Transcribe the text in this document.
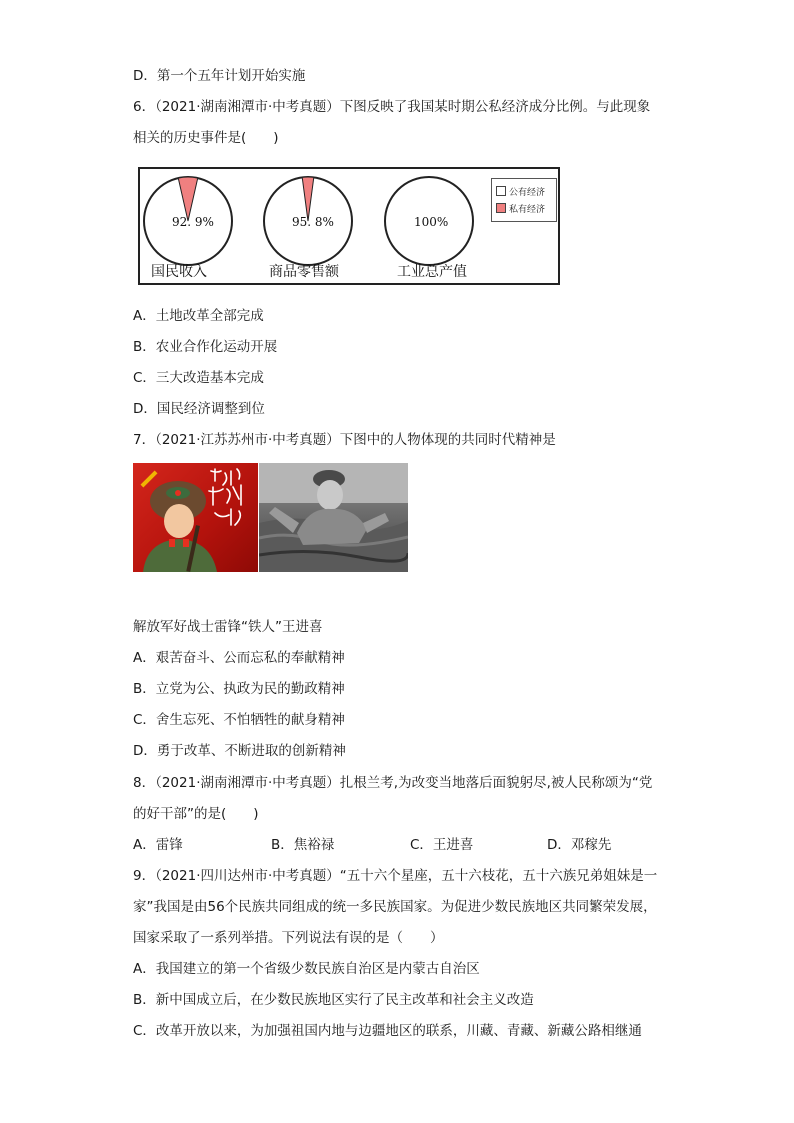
D．第一个五年计划开始实施
6．（2021·湖南湘潭市·中考真题）下图反映了我国某时期公私经济成分比例。与此现象
相关的历史事件是(　　)
公有经济
私有经济
92. 9%	95. 8%	100%
国民收入	商品零售额	工业总产值
A．土地改革全部完成
B．农业合作化运动开展
C．三大改造基本完成
D．国民经济调整到位
7．（2021·江苏苏州市·中考真题）下图中的人物体现的共同时代精神是
解放军好战士雷锋“铁人”王进喜
A．艰苦奋斗、公而忘私的奉献精神
B．立党为公、执政为民的勤政精神
C．舍生忘死、不怕牺牲的献身精神
D．勇于改革、不断进取的创新精神
8．（2021·湖南湘潭市·中考真题）扎根兰考,为改变当地落后面貌躬尽,被人民称颂为“党
的好干部”的是(　　)
A．雷锋	B．焦裕禄	C．王进喜	D．邓稼先
9．（2021·四川达州市·中考真题）“五十六个星座，五十六枝花，五十六族兄弟姐妹是一
家”我国是由56个民族共同组成的统一多民族国家。为促进少数民族地区共同繁荣发展，
国家采取了一系列举措。下列说法有误的是（　　）
A．我国建立的第一个省级少数民族自治区是内蒙古自治区
B．新中国成立后，在少数民族地区实行了民主改革和社会主义改造
C．改革开放以来，为加强祖国内地与边疆地区的联系，川藏、青藏、新藏公路相继通
